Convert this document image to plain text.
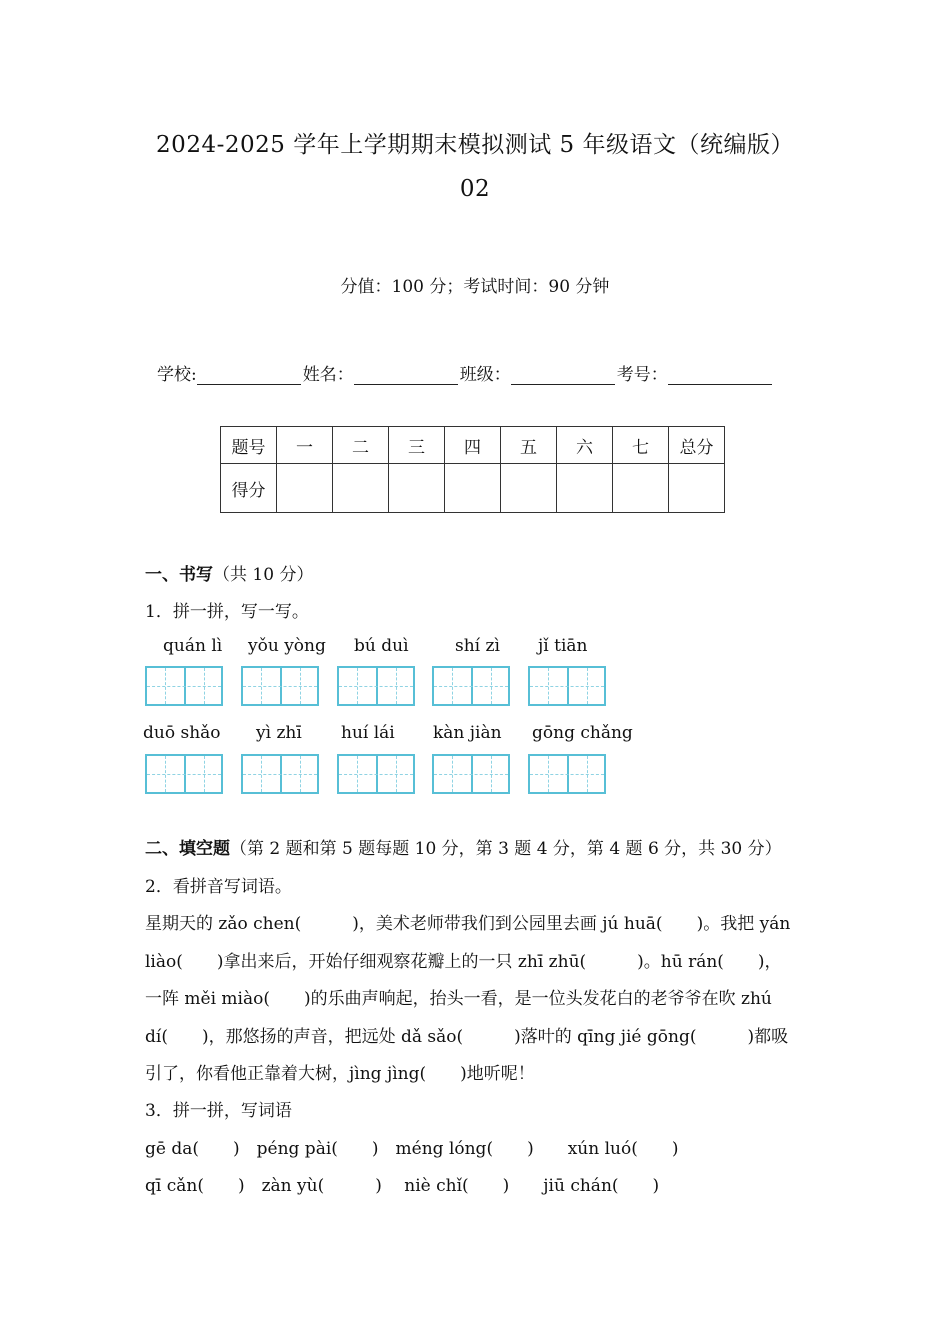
2024-2025 学年上学期期末模拟测试 5 年级语文（统编版）
02
分值：100 分；考试时间：90 分钟
学校:	姓名：	班级：	考号：
题号	一	二	三	四	五	六	七	总分
得分								
一、书写（共 10 分）
1．拼一拼，写一写。
quán lì yǒu yòng bú duì	shí zì jǐ tiān
duō shǎo yì zhī huí lái kàn jiàn gōng chǎng
二、填空题（第 2 题和第 5 题每题 10 分，第 3 题 4 分，第 4 题 6 分，共 30 分）
2．看拼音写词语。
星期天的 zǎo chen(　　　)，美术老师带我们到公园里去画 jú huā(　　)。我把 yán
liào(　　)拿出来后，开始仔细观察花瓣上的一只 zhī zhū(　　　)。hū rán(　　)，
一阵 měi miào(　　)的乐曲声响起，抬头一看，是一位头发花白的老爷爷在吹 zhú
dí(　　)，那悠扬的声音，把远处 dǎ sǎo(　　　)落叶的 qīng jié gōng(　　　)都吸
引了，你看他正靠着大树，jìng jìng(　　)地听呢！
3．拼一拼，写词语
gē da(　　)　péng pài(　　)　méng lóng(　　)　　xún luó(　　)
qī cǎn(　　)　zàn yù(　　　)　 niè chǐ(　　)　　jiū chán(　　)
